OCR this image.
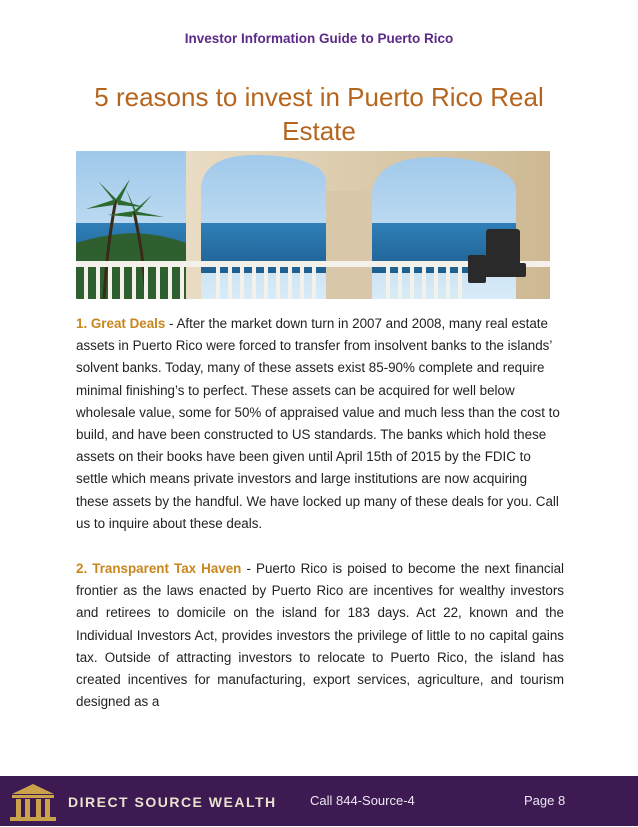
Investor Information Guide to Puerto Rico
5 reasons to invest in Puerto Rico Real Estate

1. Great Deals - After the market down turn in 2007 and 2008, many real estate assets in Puerto Rico were forced to transfer from insolvent banks to the islands’ solvent banks. Today, many of these assets exist 85-90% complete and require minimal finishing’s to perfect. These assets can be acquired for well below wholesale value, some for 50% of appraised value and much less than the cost to build, and have been constructed to US standards. The banks which hold these assets on their books have been given until April 15th of 2015 by the FDIC to settle which means private investors and large institutions are now acquiring these assets by the handful. We have locked up many of these deals for you. Call us to inquire about these deals.

2. Transparent Tax Haven - Puerto Rico is poised to become the next financial frontier as the laws enacted by Puerto Rico are incentives for wealthy investors and retirees to domicile on the island for 183 days. Act 22, known and the Individual Investors Act, provides investors the privilege of little to no capital gains tax. Outside of attracting investors to relocate to Puerto Rico, the island has created incentives for manufacturing, export services, agriculture, and tourism designed as a

DIRECT SOURCE WEALTH	Call 844-Source-4	Page 8
